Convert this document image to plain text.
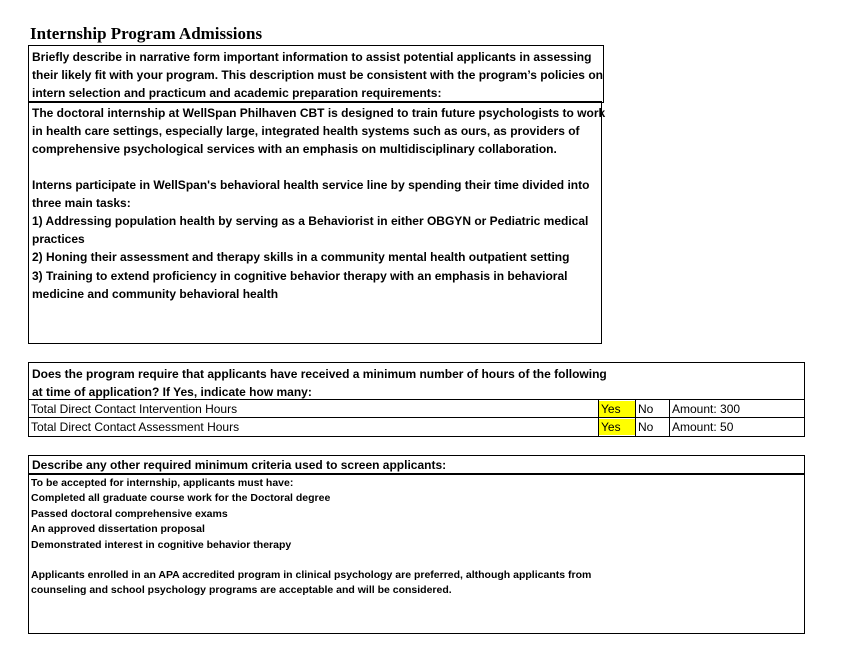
Internship Program Admissions
Briefly describe in narrative form important information to assist potential applicants in assessing
their likely fit with your program. This description must be consistent with the program’s policies on
intern selection and practicum and academic preparation requirements:
The doctoral internship at WellSpan Philhaven CBT is designed to train future psychologists to work
in health care settings, especially large, integrated health systems such as ours, as providers of
comprehensive psychological services with an emphasis on multidisciplinary collaboration.
Interns participate in WellSpan's behavioral health service line by spending their time divided into
three main tasks:
1) Addressing population health by serving as a Behaviorist in either OBGYN or Pediatric medical
practices
2) Honing their assessment and therapy skills in a community mental health outpatient setting
3) Training to extend proficiency in cognitive behavior therapy with an emphasis in behavioral
medicine and community behavioral health
Does the program require that applicants have received a minimum number of hours of the following
at time of application? If Yes, indicate how many:
Total Direct Contact Intervention Hours	Yes	No	Amount: 300
Total Direct Contact Assessment Hours	Yes	No	Amount: 50
Describe any other required minimum criteria used to screen applicants:
To be accepted for internship, applicants must have:
Completed all graduate course work for the Doctoral degree
Passed doctoral comprehensive exams
An approved dissertation proposal
Demonstrated interest in cognitive behavior therapy
Applicants enrolled in an APA accredited program in clinical psychology are preferred, although applicants from
counseling and school psychology programs are acceptable and will be considered.
